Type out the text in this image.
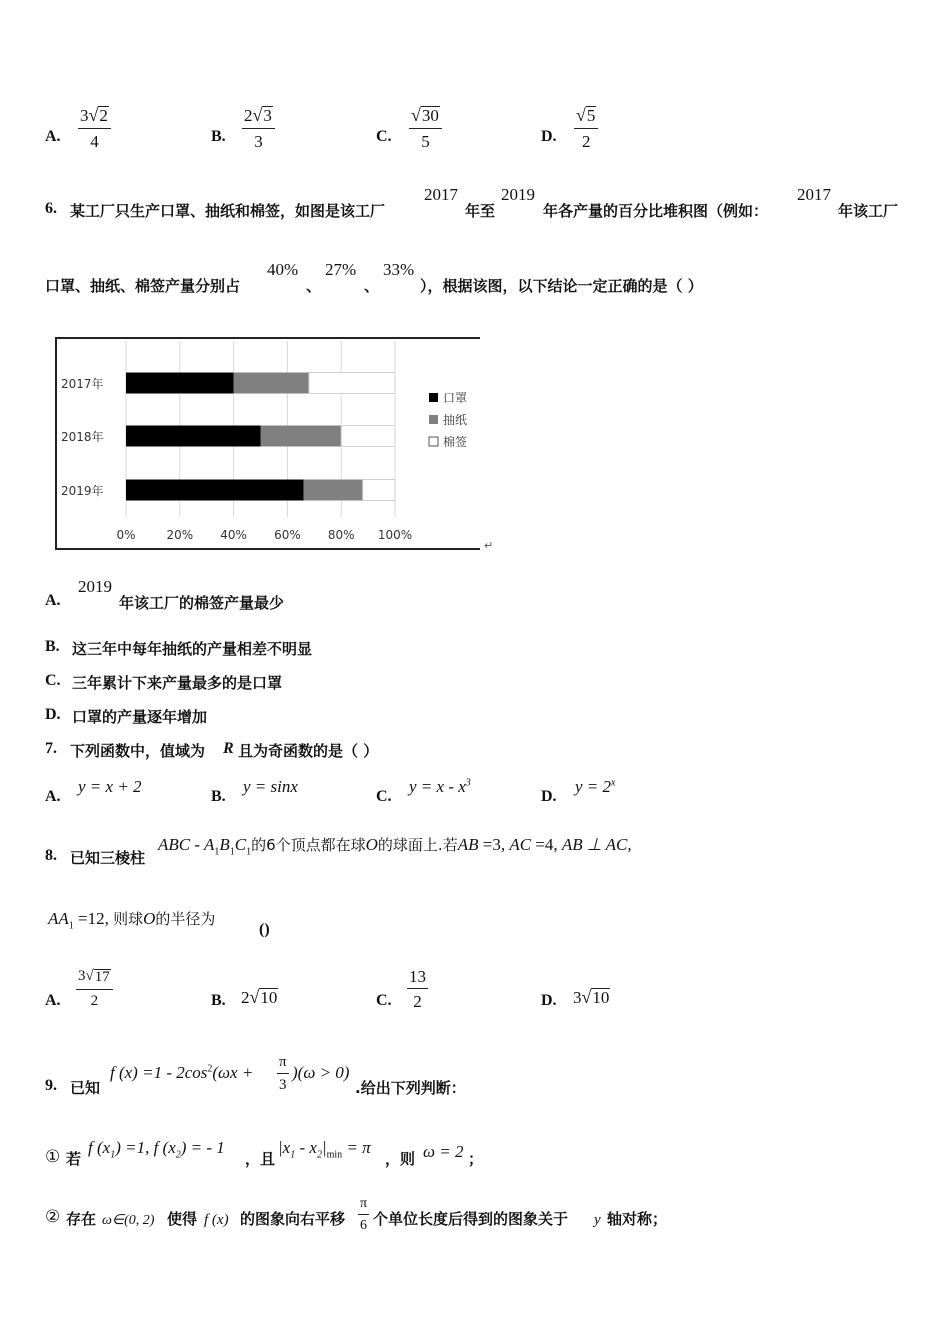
A. $\frac{3 √ 2}{4}$	B. $\frac{2 √ 3}{3}$	C. $\frac{√ 30}{5}$	D. $\frac{√ 5}{2}$
6. 某工厂只生产口罩、抽纸和棉签，如图是该工厂
2017
年至
2019
年各产量的百分比堆积图（例如：
2017
年该工厂
口罩、抽纸、棉签产量分别占
40%
、
27%
、
33%
），根据该图，以下结论一定正确的是（ ）
0%	20% 40% 60% 80% 100%
2017年
2018年
2019年
口罩
抽纸
棉签
↵
A.
2019
年该工厂的棉签产量最少
B. 这三年中每年抽纸的产量相差不明显
C. 三年累计下来产量最多的是口罩
D. 口罩的产量逐年增加
7. 下列函数中，值域为 R 且为奇函数的是（ ）
A.
y = x + 2
B.
y = sinx
C.
$y = x - x^3$
D.
$y = 2^x$
8. 已知三棱柱
ABC - $A_1B_1C_1$的6个顶点都在球O的球面上.若AB =3, AC =4, AB ⊥ AC,
$AA_1 =12$, 则球O的半径为
()
A. $\frac{3 √ 17}{2}$	B. 2 √ 10	C. $\frac{13}{2}$	D. 3 √ 10
9. 已知
f $(x) =1 - 2\cos^2(\omega x + \frac{\pi}{3} )(\omega > 0)$
.给出下列判断：
① 若
f $(x_1) =1$, f $(x_2)$ = - 1
，且
$|x_1 - x_2|_{min} = \pi$
，则 ω = 2 ；
② 存在 ω∈(0, 2) 使得 f (x) 的图象向右平移 $\frac{\pi}{6}$ 个单位长度后得到的图象关于 y 轴对称；
